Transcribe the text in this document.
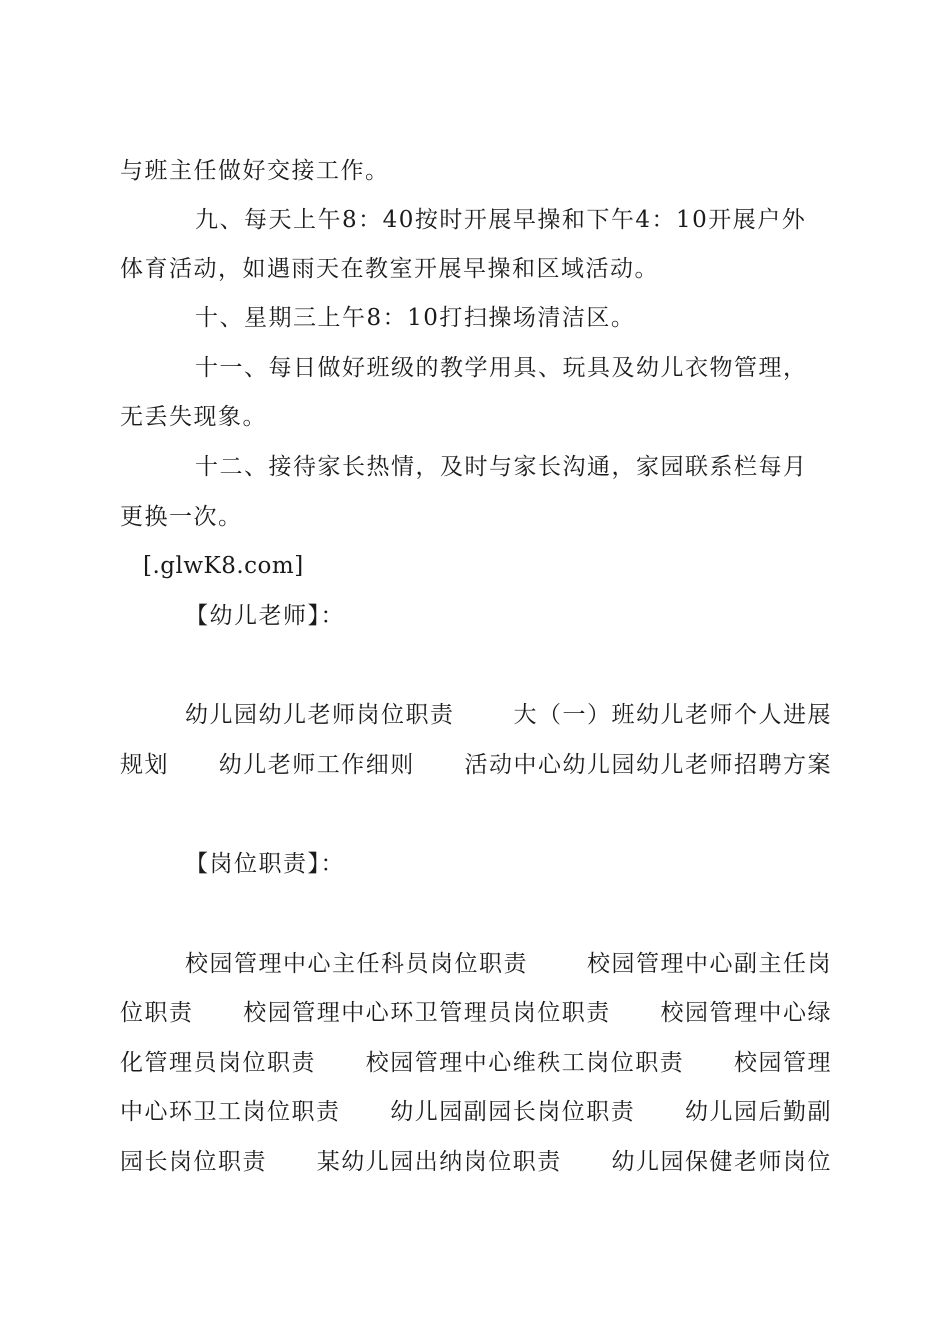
与班主任做好交接工作。
九、每天上午8：40按时开展早操和下午4：10开展户外
体育活动，如遇雨天在教室开展早操和区域活动。
十、星期三上午8：10打扫操场清洁区。
十一、每日做好班级的教学用具、玩具及幼儿衣物管理，
无丢失现象。
十二、接待家长热情，及时与家长沟通，家园联系栏每月
更换一次。
[.glwK8.com]
【幼儿老师】：
幼儿园幼儿老师岗位职责	大（一）班幼儿老师个人进展
规划 幼儿老师工作细则 活动中心幼儿园幼儿老师招聘方案
【岗位职责】：
校园管理中心主任科员岗位职责	校园管理中心副主任岗
位职责 校园管理中心环卫管理员岗位职责 校园管理中心绿
化管理员岗位职责 校园管理中心维秩工岗位职责 校园管理
中心环卫工岗位职责 幼儿园副园长岗位职责 幼儿园后勤副
园长岗位职责 某幼儿园出纳岗位职责 幼儿园保健老师岗位
